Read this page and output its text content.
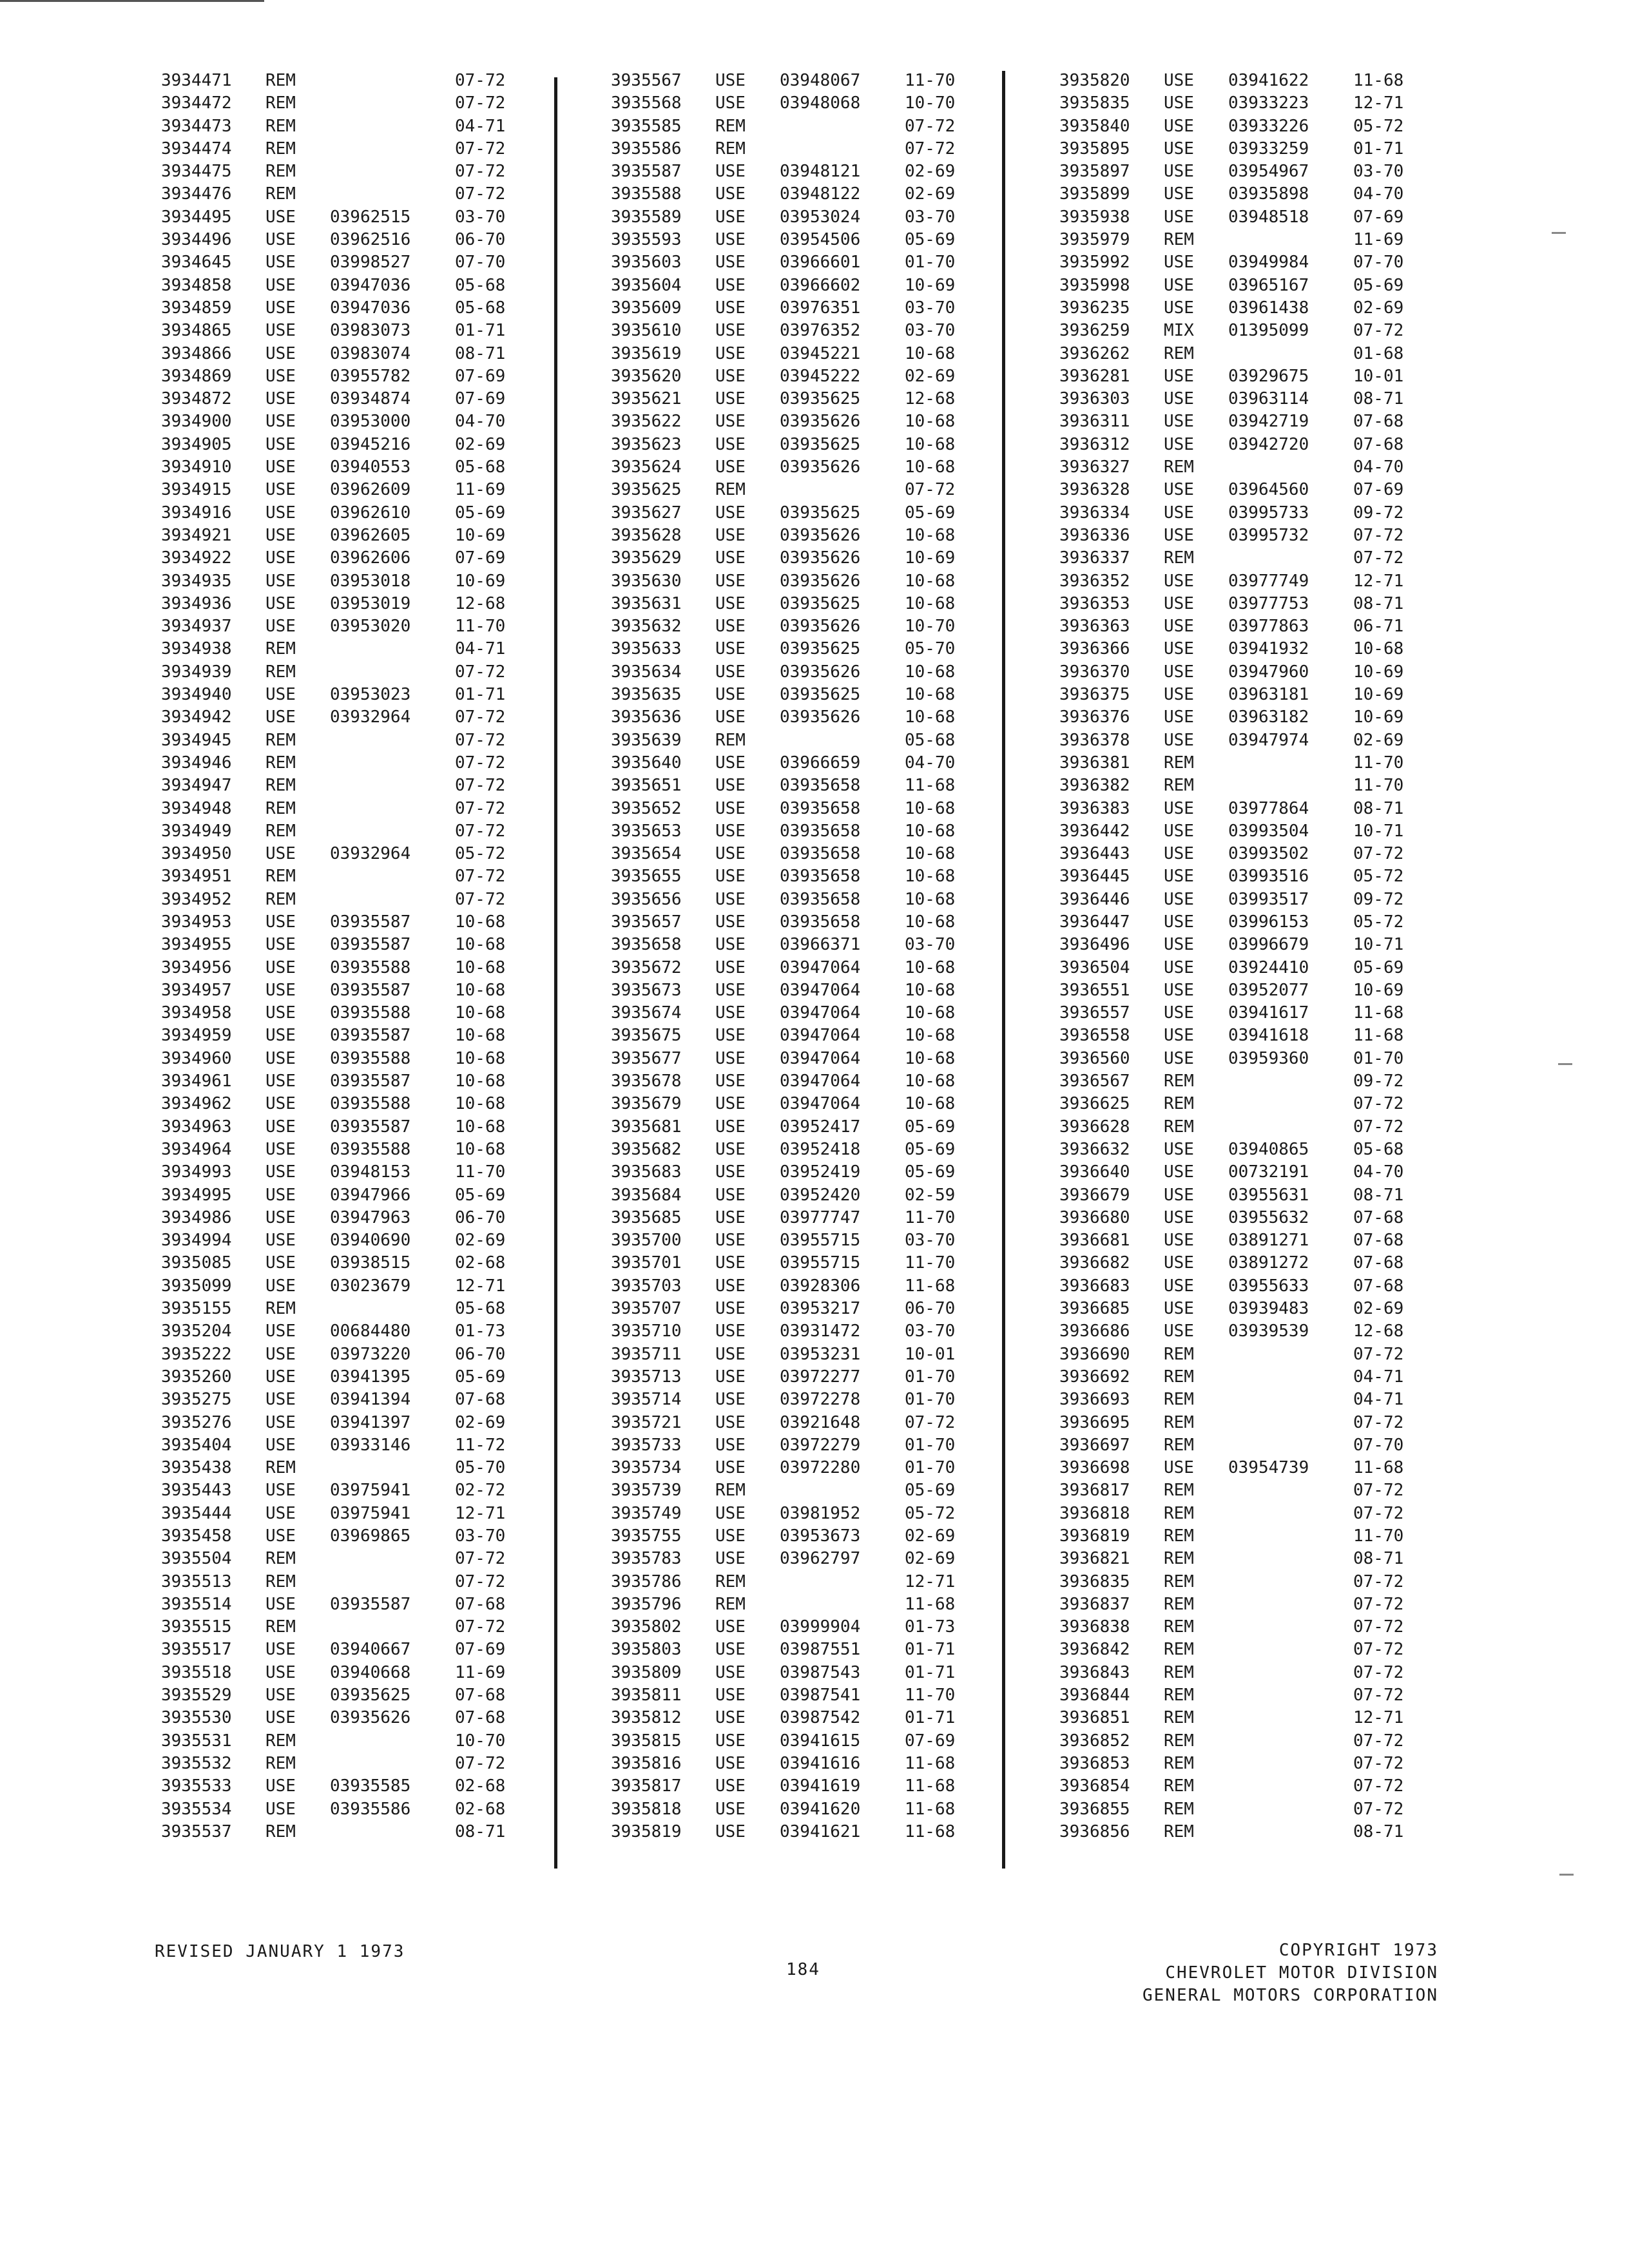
3934471 REM	07-72
3934472 REM	07-72
3934473 REM	04-71
3934474 REM	07-72
3934475 REM	07-72
3934476 REM	07-72
3934495 USE 03962515	03-70
3934496 USE 03962516	06-70
3934645 USE 03998527	07-70
3934858 USE 03947036	05-68
3934859 USE 03947036	05-68
3934865 USE 03983073	01-71
3934866 USE 03983074	08-71
3934869 USE 03955782	07-69
3934872 USE 03934874	07-69
3934900 USE 03953000	04-70
3934905 USE 03945216	02-69
3934910 USE 03940553	05-68
3934915 USE 03962609	11-69
3934916 USE 03962610	05-69
3934921 USE 03962605	10-69
3934922 USE 03962606	07-69
3934935 USE 03953018	10-69
3934936 USE 03953019	12-68
3934937 USE 03953020	11-70
3934938 REM	04-71
3934939 REM	07-72
3934940 USE 03953023	01-71
3934942 USE 03932964	07-72
3934945 REM	07-72
3934946 REM	07-72
3934947 REM	07-72
3934948 REM	07-72
3934949 REM	07-72
3934950 USE 03932964	05-72
3934951 REM	07-72
3934952 REM	07-72
3934953 USE 03935587	10-68
3934955 USE 03935587	10-68
3934956 USE 03935588	10-68
3934957 USE 03935587	10-68
3934958 USE 03935588	10-68
3934959 USE 03935587	10-68
3934960 USE 03935588	10-68
3934961 USE 03935587	10-68
3934962 USE 03935588	10-68
3934963 USE 03935587	10-68
3934964 USE 03935588	10-68
3934993 USE 03948153	11-70
3934995 USE 03947966	05-69
3934986 USE 03947963	06-70
3934994 USE 03940690	02-69
3935085 USE 03938515	02-68
3935099 USE 03023679	12-71
3935155 REM	05-68
3935204 USE 00684480	01-73
3935222 USE 03973220	06-70
3935260 USE 03941395	05-69
3935275 USE 03941394	07-68
3935276 USE 03941397	02-69
3935404 USE 03933146	11-72
3935438 REM	05-70
3935443 USE 03975941	02-72
3935444 USE 03975941	12-71
3935458 USE 03969865	03-70
3935504 REM	07-72
3935513 REM	07-72
3935514 USE 03935587	07-68
3935515 REM	07-72
3935517 USE 03940667	07-69
3935518 USE 03940668	11-69
3935529 USE 03935625	07-68
3935530 USE 03935626	07-68
3935531 REM	10-70
3935532 REM	07-72
3935533 USE 03935585	02-68
3935534 USE 03935586	02-68
3935537 REM	08-71
3935567 USE 03948067	11-70
3935568 USE 03948068	10-70
3935585 REM	07-72
3935586 REM	07-72
3935587 USE 03948121	02-69
3935588 USE 03948122	02-69
3935589 USE 03953024	03-70
3935593 USE 03954506	05-69
3935603 USE 03966601	01-70
3935604 USE 03966602	10-69
3935609 USE 03976351	03-70
3935610 USE 03976352	03-70
3935619 USE 03945221	10-68
3935620 USE 03945222	02-69
3935621 USE 03935625	12-68
3935622 USE 03935626	10-68
3935623 USE 03935625	10-68
3935624 USE 03935626	10-68
3935625 REM	07-72
3935627 USE 03935625	05-69
3935628 USE 03935626	10-68
3935629 USE 03935626	10-69
3935630 USE 03935626	10-68
3935631 USE 03935625	10-68
3935632 USE 03935626	10-70
3935633 USE 03935625	05-70
3935634 USE 03935626	10-68
3935635 USE 03935625	10-68
3935636 USE 03935626	10-68
3935639 REM	05-68
3935640 USE 03966659	04-70
3935651 USE 03935658	11-68
3935652 USE 03935658	10-68
3935653 USE 03935658	10-68
3935654 USE 03935658	10-68
3935655 USE 03935658	10-68
3935656 USE 03935658	10-68
3935657 USE 03935658	10-68
3935658 USE 03966371	03-70
3935672 USE 03947064	10-68
3935673 USE 03947064	10-68
3935674 USE 03947064	10-68
3935675 USE 03947064	10-68
3935677 USE 03947064	10-68
3935678 USE 03947064	10-68
3935679 USE 03947064	10-68
3935681 USE 03952417	05-69
3935682 USE 03952418	05-69
3935683 USE 03952419	05-69
3935684 USE 03952420	02-59
3935685 USE 03977747	11-70
3935700 USE 03955715	03-70
3935701 USE 03955715	11-70
3935703 USE 03928306	11-68
3935707 USE 03953217	06-70
3935710 USE 03931472	03-70
3935711 USE 03953231	10-01
3935713 USE 03972277	01-70
3935714 USE 03972278	01-70
3935721 USE 03921648	07-72
3935733 USE 03972279	01-70
3935734 USE 03972280	01-70
3935739 REM	05-69
3935749 USE 03981952	05-72
3935755 USE 03953673	02-69
3935783 USE 03962797	02-69
3935786 REM	12-71
3935796 REM	11-68
3935802 USE 03999904	01-73
3935803 USE 03987551	01-71
3935809 USE 03987543	01-71
3935811 USE 03987541	11-70
3935812 USE 03987542	01-71
3935815 USE 03941615	07-69
3935816 USE 03941616	11-68
3935817 USE 03941619	11-68
3935818 USE 03941620	11-68
3935819 USE 03941621	11-68
3935820 USE 03941622	11-68
3935835 USE 03933223	12-71
3935840 USE 03933226	05-72
3935895 USE 03933259	01-71
3935897 USE 03954967	03-70
3935899 USE 03935898	04-70
3935938 USE 03948518	07-69
3935979 REM	11-69
3935992 USE 03949984	07-70
3935998 USE 03965167	05-69
3936235 USE 03961438	02-69
3936259 MIX 01395099	07-72
3936262 REM	01-68
3936281 USE 03929675	10-01
3936303 USE 03963114	08-71
3936311 USE 03942719	07-68
3936312 USE 03942720	07-68
3936327 REM	04-70
3936328 USE 03964560	07-69
3936334 USE 03995733	09-72
3936336 USE 03995732	07-72
3936337 REM	07-72
3936352 USE 03977749	12-71
3936353 USE 03977753	08-71
3936363 USE 03977863	06-71
3936366 USE 03941932	10-68
3936370 USE 03947960	10-69
3936375 USE 03963181	10-69
3936376 USE 03963182	10-69
3936378 USE 03947974	02-69
3936381 REM	11-70
3936382 REM	11-70
3936383 USE 03977864	08-71
3936442 USE 03993504	10-71
3936443 USE 03993502	07-72
3936445 USE 03993516	05-72
3936446 USE 03993517	09-72
3936447 USE 03996153	05-72
3936496 USE 03996679	10-71
3936504 USE 03924410	05-69
3936551 USE 03952077	10-69
3936557 USE 03941617	11-68
3936558 USE 03941618	11-68
3936560 USE 03959360	01-70
3936567 REM	09-72
3936625 REM	07-72
3936628 REM	07-72
3936632 USE 03940865	05-68
3936640 USE 00732191	04-70
3936679 USE 03955631	08-71
3936680 USE 03955632	07-68
3936681 USE 03891271	07-68
3936682 USE 03891272	07-68
3936683 USE 03955633	07-68
3936685 USE 03939483	02-69
3936686 USE 03939539	12-68
3936690 REM	07-72
3936692 REM	04-71
3936693 REM	04-71
3936695 REM	07-72
3936697 REM	07-70
3936698 USE 03954739	11-68
3936817 REM	07-72
3936818 REM	07-72
3936819 REM	11-70
3936821 REM	08-71
3936835 REM	07-72
3936837 REM	07-72
3936838 REM	07-72
3936842 REM	07-72
3936843 REM	07-72
3936844 REM	07-72
3936851 REM	12-71
3936852 REM	07-72
3936853 REM	07-72
3936854 REM	07-72
3936855 REM	07-72
3936856 REM	08-71
REVISED JANUARY 1 1973
184
COPYRIGHT 1973
CHEVROLET MOTOR DIVISION
GENERAL MOTORS CORPORATION
